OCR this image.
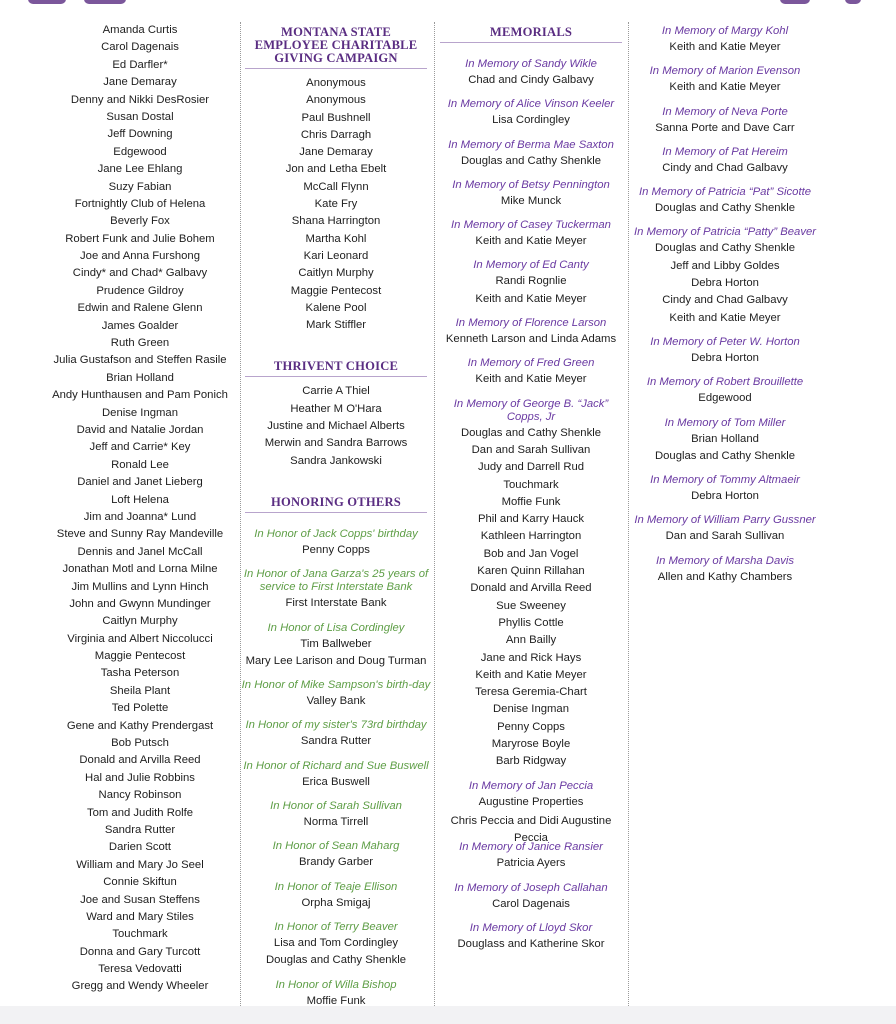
Amanda Curtis
Carol Dagenais
Ed Darfler*
Jane Demaray
Denny and Nikki DesRosier
Susan Dostal
Jeff Downing
Edgewood
Jane Lee Ehlang
Suzy Fabian
Fortnightly Club of Helena
Beverly Fox
Robert Funk and Julie Bohem
Joe and Anna Furshong
Cindy* and Chad* Galbavy
Prudence Gildroy
Edwin and Ralene Glenn
James Goalder
Ruth Green
Julia Gustafson and Steffen Rasile
Brian Holland
Andy Hunthausen and Pam Ponich
Denise Ingman
David and Natalie Jordan
Jeff and Carrie* Key
Ronald Lee
Daniel and Janet Lieberg
Loft Helena
Jim and Joanna* Lund
Steve and Sunny Ray Mandeville
Dennis and Janel McCall
Jonathan Motl and Lorna Milne
Jim Mullins and Lynn Hinch
John and Gwynn Mundinger
Caitlyn Murphy
Virginia and Albert Niccolucci
Maggie Pentecost
Tasha Peterson
Sheila Plant
Ted Polette
Gene and Kathy Prendergast
Bob Putsch
Donald and Arvilla Reed
Hal and Julie Robbins
Nancy Robinson
Tom and Judith Rolfe
Sandra Rutter
Darien Scott
William and Mary Jo Seel
Connie Skiftun
Joe and Susan Steffens
Ward and Mary Stiles
Touchmark
Donna and Gary Turcott
Teresa Vedovatti
Gregg and Wendy Wheeler
MONTANA STATE EMPLOYEE CHARITABLE GIVING CAMPAIGN
Anonymous
Anonymous
Paul Bushnell
Chris Darragh
Jane Demaray
Jon and Letha Ebelt
McCall Flynn
Kate Fry
Shana Harrington
Martha Kohl
Kari Leonard
Caitlyn Murphy
Maggie Pentecost
Kalene Pool
Mark Stiffler
THRIVENT CHOICE
Carrie A Thiel
Heather M O'Hara
Justine and Michael Alberts
Merwin and Sandra Barrows
Sandra Jankowski
HONORING OTHERS
In Honor of Jack Copps' birthday
Penny Copps
In Honor of Jana Garza's 25 years of service to First Interstate Bank
First Interstate Bank
In Honor of Lisa Cordingley
Tim Ballweber
Mary Lee Larison and Doug Turman
In Honor of Mike Sampson's birth-day
Valley Bank
In Honor of my sister's 73rd birthday
Sandra Rutter
In Honor of Richard and Sue Buswell
Erica Buswell
In Honor of Sarah Sullivan
Norma Tirrell
In Honor of Sean Maharg
Brandy Garber
In Honor of Teaje Ellison
Orpha Smigaj
In Honor of Terry Beaver
Lisa and Tom Cordingley
Douglas and Cathy Shenkle
In Honor of Willa Bishop
Moffie Funk
MEMORIALS
In Memory of Sandy Wikle
Chad and Cindy Galbavy
In Memory of Alice Vinson Keeler
Lisa Cordingley
In Memory of Berma Mae Saxton
Douglas and Cathy Shenkle
In Memory of Betsy Pennington
Mike Munck
In Memory of Casey Tuckerman
Keith and Katie Meyer
In Memory of Ed Canty
Randi Rognlie
Keith and Katie Meyer
In Memory of Florence Larson
Kenneth Larson and Linda Adams
In Memory of Fred Green
Keith and Katie Meyer
In Memory of George B. “Jack” Copps, Jr
Douglas and Cathy Shenkle
Dan and Sarah Sullivan
Judy and Darrell Rud
Touchmark
Moffie Funk
Phil and Karry Hauck
Kathleen Harrington
Bob and Jan Vogel
Karen Quinn Rillahan
Donald and Arvilla Reed
Sue Sweeney
Phyllis Cottle
Ann Bailly
Jane and Rick Hays
Keith and Katie Meyer
Teresa Geremia-Chart
Denise Ingman
Penny Copps
Maryrose Boyle
Barb Ridgway
In Memory of Jan Peccia
Augustine Properties
Chris Peccia and Didi Augustine Peccia
In Memory of Janice Ransier
Patricia Ayers
In Memory of Joseph Callahan
Carol Dagenais
In Memory of Lloyd Skor
Douglass and Katherine Skor
In Memory of Margy Kohl
Keith and Katie Meyer
In Memory of Marion Evenson
Keith and Katie Meyer
In Memory of Neva Porte
Sanna Porte and Dave Carr
In Memory of Pat Hereim
Cindy and Chad Galbavy
In Memory of Patricia “Pat” Sicotte
Douglas and Cathy Shenkle
In Memory of Patricia “Patty” Beaver
Douglas and Cathy Shenkle
Jeff and Libby Goldes
Debra Horton
Cindy and Chad Galbavy
Keith and Katie Meyer
In Memory of Peter W. Horton
Debra Horton
In Memory of Robert Brouillette
Edgewood
In Memory of Tom Miller
Brian Holland
Douglas and Cathy Shenkle
In Memory of Tommy Altmaeir
Debra Horton
In Memory of William Parry Gussner
Dan and Sarah Sullivan
In Memory of Marsha Davis
Allen and Kathy Chambers
